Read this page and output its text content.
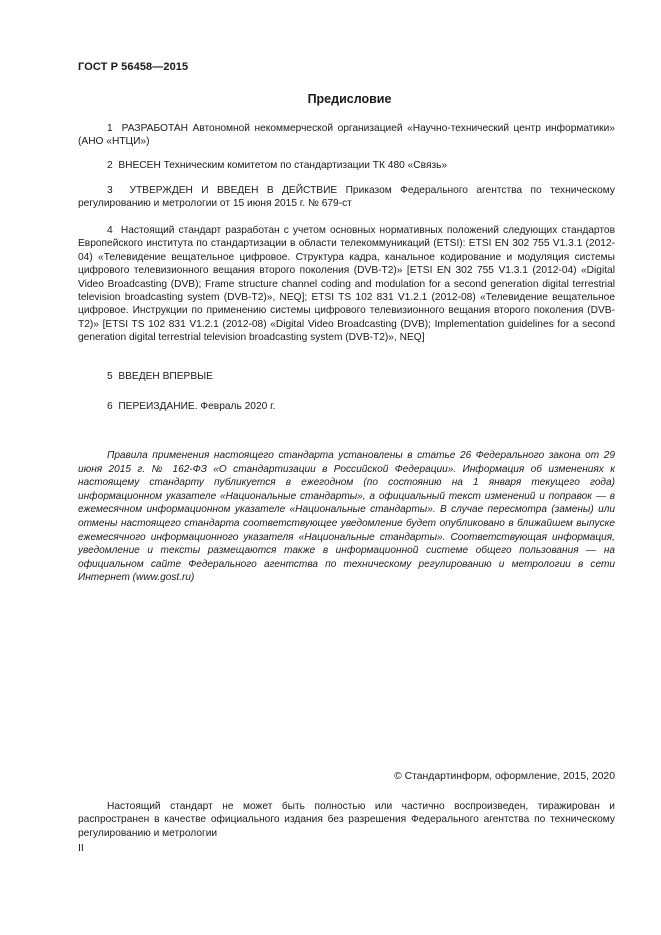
ГОСТ Р 56458—2015
Предисловие
1 РАЗРАБОТАН Автономной некоммерческой организацией «Научно-технический центр информатики» (АНО «НТЦИ»)
2 ВНЕСЕН Техническим комитетом по стандартизации ТК 480 «Связь»
3 УТВЕРЖДЕН И ВВЕДЕН В ДЕЙСТВИЕ Приказом Федерального агентства по техническому регулированию и метрологии от 15 июня 2015 г. № 679-ст
4 Настоящий стандарт разработан с учетом основных нормативных положений следующих стандартов Европейского института по стандартизации в области телекоммуникаций (ETSI): ETSI EN 302 755 V1.3.1 (2012-04) «Телевидение вещательное цифровое. Структура кадра, канальное кодирование и модуляция системы цифрового телевизионного вещания второго поколения (DVB-T2)» [ETSI EN 302 755 V1.3.1 (2012-04) «Digital Video Broadcasting (DVB); Frame structure channel coding and modulation for a second generation digital terrestrial television broadcasting system (DVB-T2)», NEQ]; ETSI TS 102 831 V1.2.1 (2012-08) «Телевидение вещательное цифровое. Инструкции по применению системы цифрового телевизионного вещания второго поколения (DVB-T2)» [ETSI TS 102 831 V1.2.1 (2012-08) «Digital Video Broadcasting (DVB); Implementation guidelines for a second generation digital terrestrial television broadcasting system (DVB-T2)», NEQ]
5 ВВЕДЕН ВПЕРВЫЕ
6 ПЕРЕИЗДАНИЕ. Февраль 2020 г.
Правила применения настоящего стандарта установлены в статье 26 Федерального закона от 29 июня 2015 г. № 162-ФЗ «О стандартизации в Российской Федерации». Информация об изменениях к настоящему стандарту публикуется в ежегодном (по состоянию на 1 января текущего года) информационном указателе «Национальные стандарты», а официальный текст изменений и поправок — в ежемесячном информационном указателе «Национальные стандарты». В случае пересмотра (замены) или отмены настоящего стандарта соответствующее уведомление будет опубликовано в ближайшем выпуске ежемесячного информационного указателя «Национальные стандарты». Соответствующая информация, уведомление и тексты размещаются также в информационной системе общего пользования — на официальном сайте Федерального агентства по техническому регулированию и метрологии в сети Интернет (www.gost.ru)
© Стандартинформ, оформление, 2015, 2020
Настоящий стандарт не может быть полностью или частично воспроизведен, тиражирован и распространен в качестве официального издания без разрешения Федерального агентства по техническому регулированию и метрологии
II
